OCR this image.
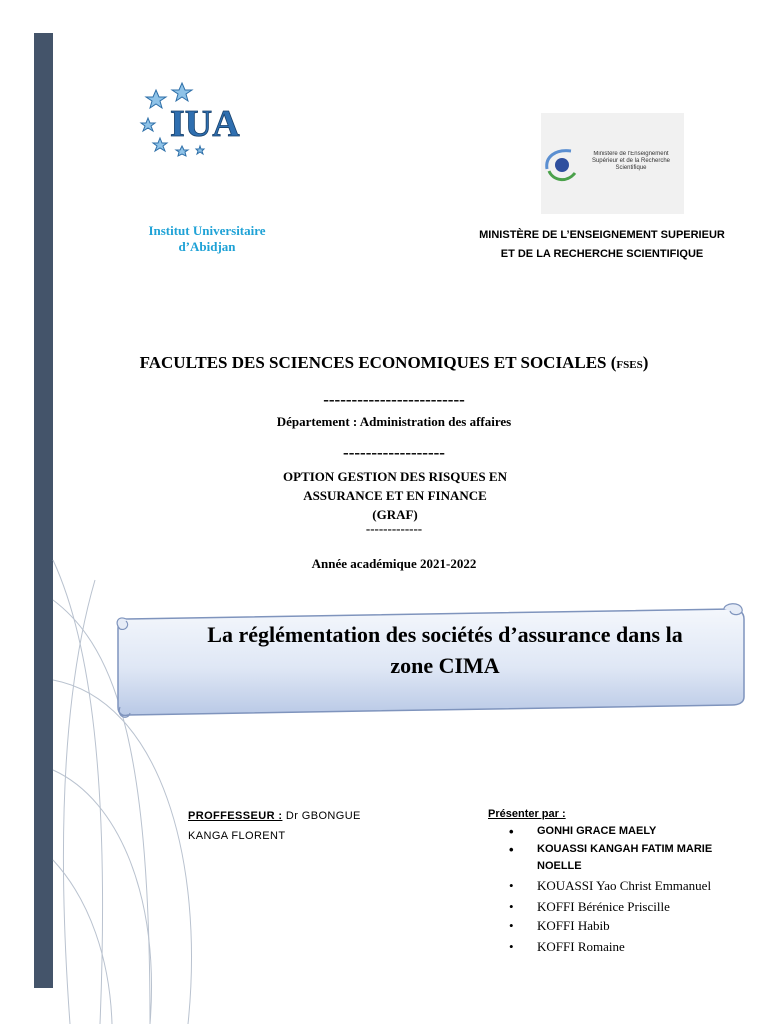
IUA
Institut Universitaire
d’Abidjan
Ministère de l'Enseignement Supérieur et de la Recherche Scientifique
MINISTÈRE DE L’ENSEIGNEMENT SUPERIEUR
ET DE LA RECHERCHE SCIENTIFIQUE
FACULTES DES SCIENCES ECONOMIQUES ET SOCIALES (FSES)
-------------------------
Département : Administration des affaires
------------------
OPTION GESTION DES RISQUES EN
ASSURANCE ET EN FINANCE
(GRAF)
-------------
Année académique 2021-2022
La réglémentation des sociétés d’assurance dans la
zone CIMA
PROFFESSEUR : Dr GBONGUE
KANGA FLORENT
Présenter par :
• GONHI GRACE MAELY
• KOUASSI KANGAH FATIM MARIE NOELLE
• KOUASSI Yao Christ Emmanuel
• KOFFI Bérénice Priscille
• KOFFI Habib
• KOFFI Romaine
